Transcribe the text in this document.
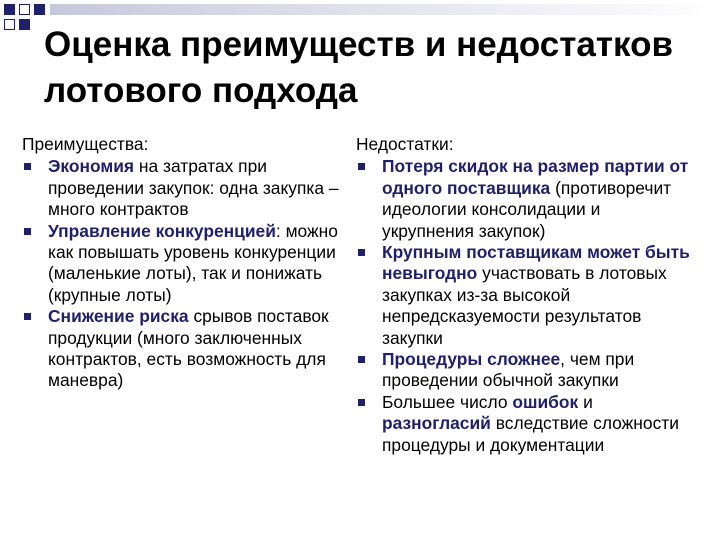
Оценка преимуществ и недостатков лотового подхода
Преимущества:
Экономия на затратах при проведении закупок: одна закупка – много контрактов
Управление конкуренцией: можно как повышать уровень конкуренции (маленькие лоты), так и понижать (крупные лоты)
Снижение риска срывов поставок продукции (много заключенных контрактов, есть возможность для маневра)
Недостатки:
Потеря скидок на размер партии от одного поставщика (противоречит идеологии консолидации и укрупнения закупок)
Крупным поставщикам может быть невыгодно участвовать в лотовых закупках из-за высокой непредсказуемости результатов закупки
Процедуры сложнее, чем при проведении обычной закупки
Большее число ошибок и разногласий вследствие сложности процедуры и документации
